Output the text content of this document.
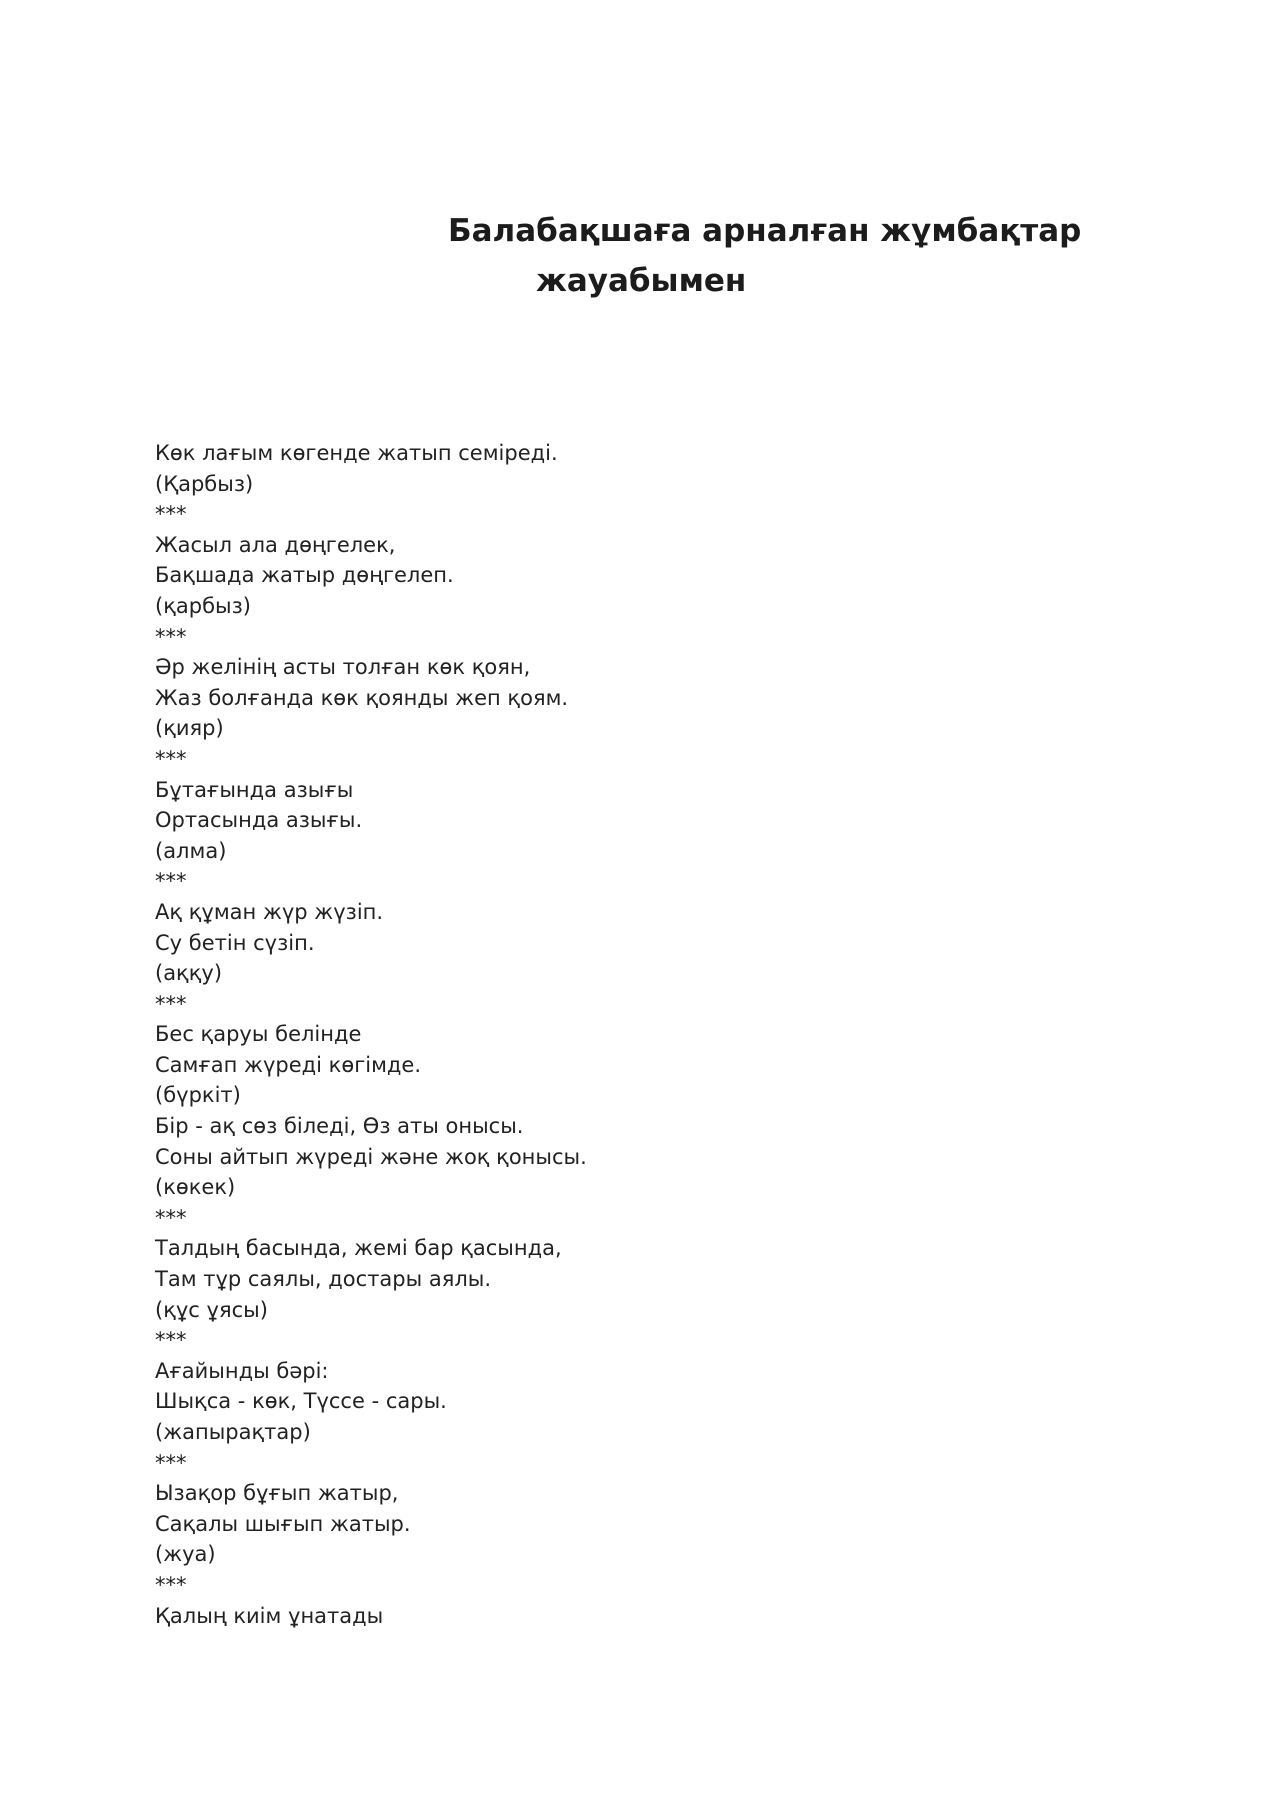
Балабақшаға арналған жұмбақтар
жауабымен
Көк лағым көгенде жатып семіреді.
(Қарбыз)
***
Жасыл ала дөңгелек,
Бақшада жатыр дөңгелеп.
(қарбыз)
***
Әр желінің асты толған көк қоян,
Жаз болғанда көк қоянды жеп қоям.
(қияр)
***
Бұтағында азығы
Ортасында азығы.
(алма)
***
Ақ құман жүр жүзіп.
Су бетін сүзіп.
(аққу)
***
Бес қаруы белінде
Самғап жүреді көгімде.
(бүркіт)
Бір - ақ сөз біледі, Өз аты онысы.
Соны айтып жүреді және жоқ қонысы.
(көкек)
***
Талдың басында, жемі бар қасында,
Там тұр саялы, достары аялы.
(құс ұясы)
***
Ағайынды бәрі:
Шықса - көк, Түссе - сары.
(жапырақтар)
***
Ызақор бұғып жатыр,
Сақалы шығып жатыр.
(жуа)
***
Қалың киім ұнатады
